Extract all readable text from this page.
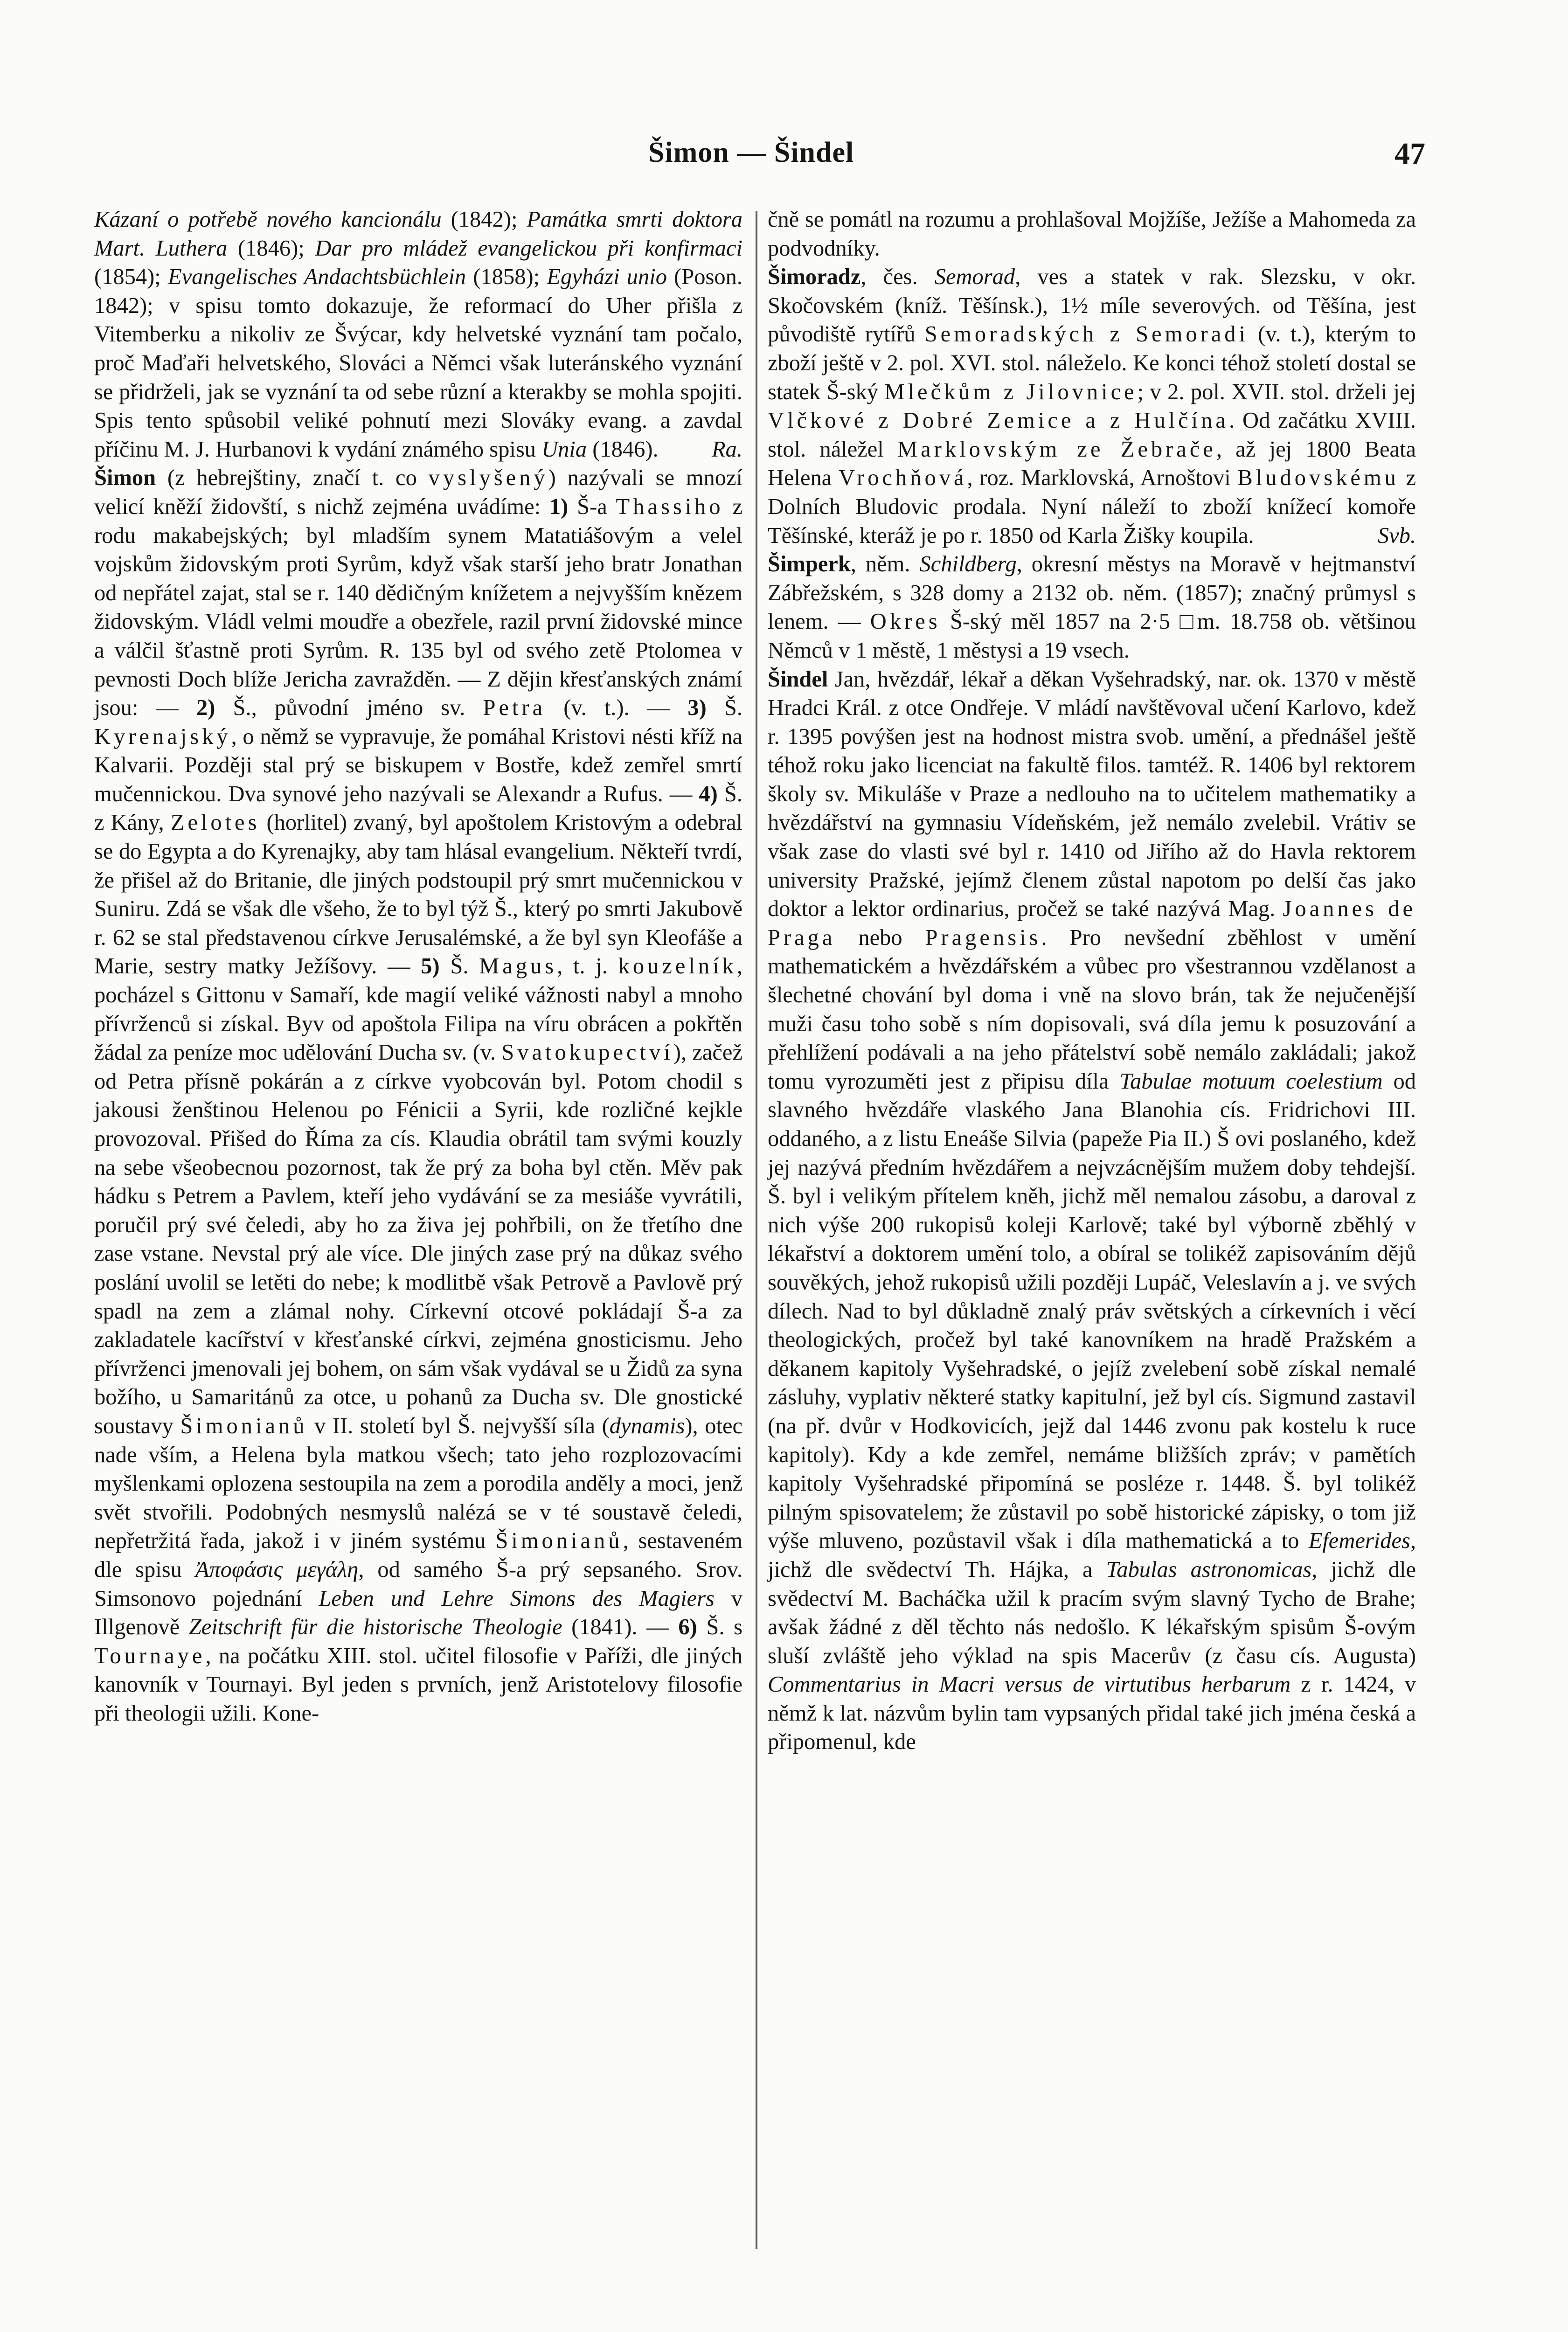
Šimon — Šindel	47

Kázaní o potřebě nového kancionálu (1842); Památka smrti doktora Mart. Luthera (1846); Dar pro mládež evangelickou při konfirmaci (1854); Evangelisches Andachtsbüchlein (1858); Egyházi unio (Poson. 1842); v spisu tomto dokazuje, že reformací do Uher přišla z Vitemberku a nikoliv ze Švýcar, kdy helvetské vyznání tam počalo, proč Maďaři helvetského, Slováci a Němci však luteránského vyznání se přidrželi, jak se vyznání ta od sebe různí a kterakby se mohla spojiti. Spis tento spůsobil veliké pohnutí mezi Slováky evang. a zavdal příčinu M. J. Hurbanovi k vydání známého spisu Unia (1846). Ra.

Šimon (z hebrejštiny, značí t. co vyslyšený) nazývali se mnozí velicí kněží židovští, s nichž zejména uvádíme: 1) Š-a Thassiho z rodu makabejských; byl mladším synem Matatiášovým a velel vojskům židovským proti Syrům, když však starší jeho bratr Jonathan od nepřátel zajat, stal se r. 140 dědičným knížetem a nejvyšším knězem židovským. Vládl velmi moudře a obezřele, razil první židovské mince a válčil šťastně proti Syrům. R. 135 byl od svého zetě Ptolomea v pevnosti Doch blíže Jericha zavražděn. — Z dějin křesťanských známí jsou: — 2) Š., původní jméno sv. Petra (v. t.). — 3) Š. Kyrenajský, o němž se vypravuje, že pomáhal Kristovi nésti kříž na Kalvarii. Později stal prý se biskupem v Bostře, kdež zemřel smrtí mučennickou. Dva synové jeho nazývali se Alexandr a Rufus. — 4) Š. z Kány, Zelotes (horlitel) zvaný, byl apoštolem Kristovým a odebral se do Egypta a do Kyrenajky, aby tam hlásal evangelium. Někteří tvrdí, že přišel až do Britanie, dle jiných podstoupil prý smrt mučennickou v Suniru. Zdá se však dle všeho, že to byl týž Š., který po smrti Jakubově r. 62 se stal představenou církve Jerusalémské, a že byl syn Kleofáše a Marie, sestry matky Ježíšovy. — 5) Š. Magus, t. j. kouzelník, pocházel s Gittonu v Samaří, kde magií veliké vážnosti nabyl a mnoho přívrženců si získal. Byv od apoštola Filipa na víru obrácen a pokřtěn žádal za peníze moc udělování Ducha sv. (v. Svatokupectví), začež od Petra přísně pokárán a z církve vyobcován byl. Potom chodil s jakousi ženštinou Helenou po Fénicii a Syrii, kde rozličné kejkle provozoval. Přišed do Říma za cís. Klaudia obrátil tam svými kouzly na sebe všeobecnou pozornost, tak že prý za boha byl ctěn. Měv pak hádku s Petrem a Pavlem, kteří jeho vydávání se za mesiáše vyvrátili, poručil prý své čeledi, aby ho za živa jej pohřbili, on že třetího dne zase vstane. Nevstal prý ale více. Dle jiných zase prý na důkaz svého poslání uvolil se letěti do nebe; k modlitbě však Petrově a Pavlově prý spadl na zem a zlámal nohy. Církevní otcové pokládají Š-a za zakladatele kacířství v křesťanské církvi, zejména gnosticismu. Jeho přívrženci jmenovali jej bohem, on sám však vydával se u Židů za syna božího, u Samaritánů za otce, u pohanů za Ducha sv. Dle gnostické soustavy Šimonianů v II. století byl Š. nejvyšší síla (dynamis), otec nade vším, a Helena byla matkou všech; tato jeho rozplozovacími myšlenkami oplozena sestoupila na zem a porodila anděly a moci, jenž svět stvořili. Podobných nesmyslů nalézá se v té soustavě čeledi, nepřetržitá řada, jakož i v jiném systému Šimonianů, sestaveném dle spisu Ἀποφάσις μεγάλη, od samého Š-a prý sepsaného. Srov. Simsonovo pojednání Leben und Lehre Simons des Magiers v Illgenově Zeitschrift für die historische Theologie (1841). — 6) Š. s Tournaye, na počátku XIII. stol. učitel filosofie v Paříži, dle jiných kanovník v Tournayi. Byl jeden s prvních, jenž Aristotelovy filosofie při theologii užili. Kone-

čně se pomátl na rozumu a prohlašoval Mojžíše, Ježíše a Mahomeda za podvodníky.

Šimoradz, čes. Semorad, ves a statek v rak. Slezsku, v okr. Skočovském (kníž. Těšínsk.), 1½ míle severových. od Těšína, jest původiště rytířů Semoradských z Semoradi (v. t.), kterým to zboží ještě v 2. pol. XVI. stol. náleželo. Ke konci téhož století dostal se statek Š-ský Mlečkům z Jilovnice; v 2. pol. XVII. stol. drželi jej Vlčkové z Dobré Zemice a z Hulčína. Od začátku XVIII. stol. náležel Marklovským ze Žebrače, až jej 1800 Beata Helena Vrochňová, roz. Marklovská, Arnoštovi Bludovskému z Dolních Bludovic prodala. Nyní náleží to zboží knížecí komoře Těšínské, kteráž je po r. 1850 od Karla Žišky koupila.	Svb.

Šimperk, něm. Schildberg, okresní městys na Moravě v hejtmanství Zábřežském, s 328 domy a 2132 ob. něm. (1857); značný průmysl s lenem. — Okres Š-ský měl 1857 na 2·5 □m. 18.758 ob. většinou Němců v 1 městě, 1 městysi a 19 vsech.

Šindel Jan, hvězdář, lékař a děkan Vyšehradský, nar. ok. 1370 v městě Hradci Král. z otce Ondřeje. V mládí navštěvoval učení Karlovo, kdež r. 1395 povýšen jest na hodnost mistra svob. umění, a přednášel ještě téhož roku jako licenciat na fakultě filos. tamtéž. R. 1406 byl rektorem školy sv. Mikuláše v Praze a nedlouho na to učitelem mathematiky a hvězdářství na gymnasiu Vídeňském, jež nemálo zvelebil. Vrátiv se však zase do vlasti své byl r. 1410 od Jiřího až do Havla rektorem university Pražské, jejímž členem zůstal napotom po delší čas jako doktor a lektor ordinarius, pročež se také nazývá Mag. Joannes de Praga nebo Pragensis. Pro nevšední zběhlost v umění mathematickém a hvězdářském a vůbec pro všestrannou vzdělanost a šlechetné chování byl doma i vně na slovo brán, tak že nejučenější muži času toho sobě s ním dopisovali, svá díla jemu k posuzování a přehlížení podávali a na jeho přátelství sobě nemálo zakládali; jakož tomu vyrozuměti jest z připisu díla Tabulae motuum coelestium od slavného hvězdáře vlaského Jana Blanohia cís. Fridrichovi III. oddaného, a z listu Eneáše Silvia (papeže Pia II.) Š ovi poslaného, kdež jej nazývá předním hvězdářem a nejvzácnějším mužem doby tehdejší. Š. byl i velikým přítelem kněh, jichž měl nemalou zásobu, a daroval z nich výše 200 rukopisů koleji Karlově; také byl výborně zběhlý v lékařství a doktorem umění tolo, a obíral se tolikéž zapisováním dějů souvěkých, jehož rukopisů užili později Lupáč, Veleslavín a j. ve svých dílech. Nad to byl důkladně znalý práv světských a církevních i věcí theologických, pročež byl také kanovníkem na hradě Pražském a děkanem kapitoly Vyšehradské, o jejíž zvelebení sobě získal nemalé zásluhy, vyplativ některé statky kapitulní, jež byl cís. Sigmund zastavil (na př. dvůr v Hodkovicích, jejž dal 1446 zvonu pak kostelu k ruce kapitoly). Kdy a kde zemřel, nemáme bližších zpráv; v pamětích kapitoly Vyšehradské připomíná se posléze r. 1448. Š. byl tolikéž pilným spisovatelem; že zůstavil po sobě historické zápisky, o tom již výše mluveno, pozůstavil však i díla mathematická a to Efemerides, jichž dle svědectví Th. Hájka, a Tabulas astronomicas, jichž dle svědectví M. Bacháčka užil k pracím svým slavný Tycho de Brahe; avšak žádné z děl těchto nás nedošlo. K lékařským spisům Š-ovým sluší zvláště jeho výklad na spis Macerův (z času cís. Augusta) Commentarius in Macri versus de virtutibus herbarum z r. 1424, v němž k lat. názvům bylin tam vypsaných přidal také jich jména česká a připomenul, kde
